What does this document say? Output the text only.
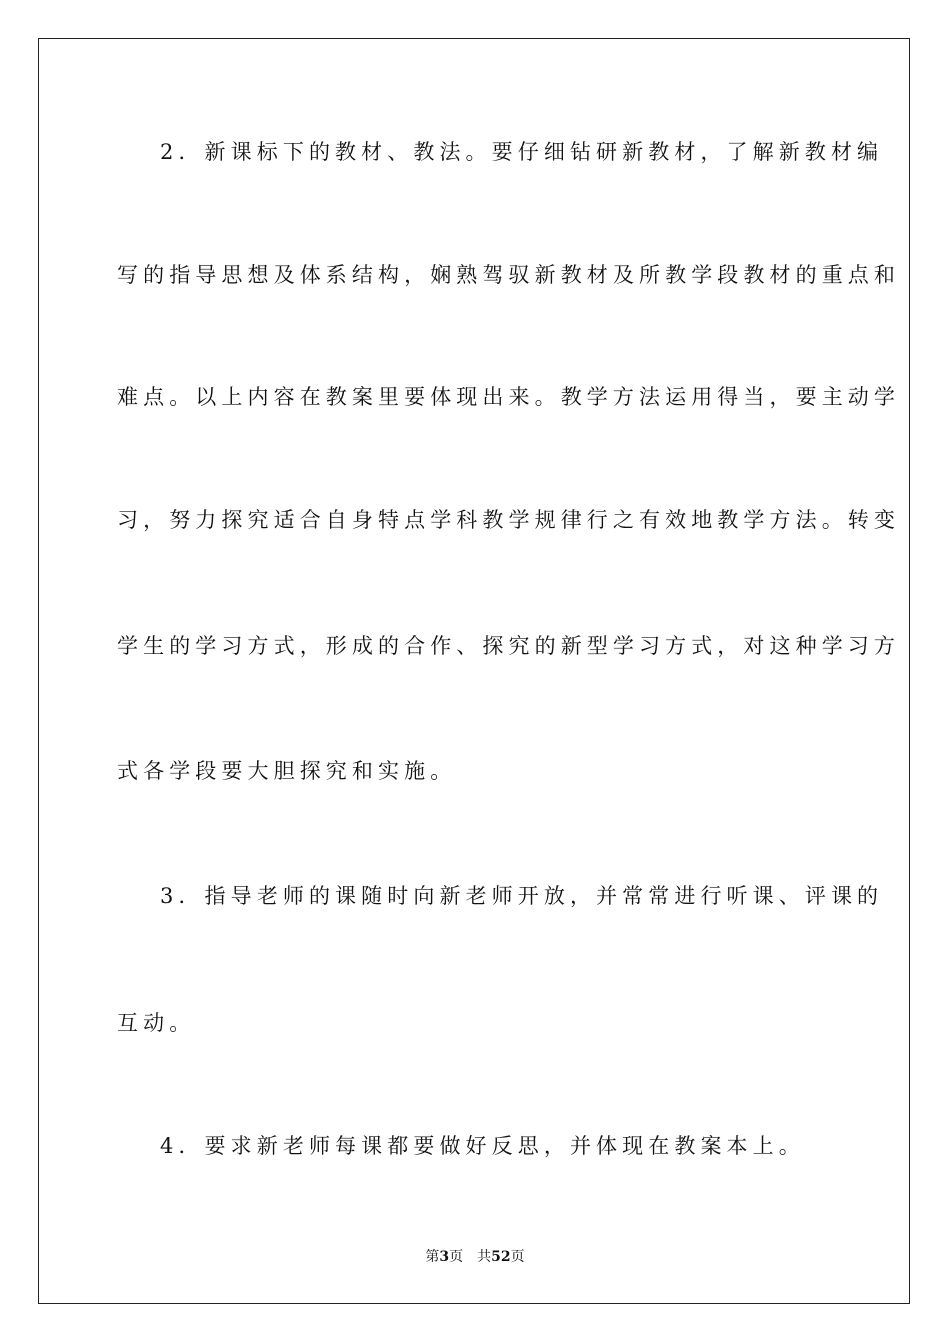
2．新课标下的教材、教法。要仔细钻研新教材，了解新教材编
写的指导思想及体系结构，娴熟驾驭新教材及所教学段教材的重点和
难点。以上内容在教案里要体现出来。教学方法运用得当，要主动学
习，努力探究适合自身特点学科教学规律行之有效地教学方法。转变
学生的学习方式，形成的合作、探究的新型学习方式，对这种学习方
式各学段要大胆探究和实施。
3．指导老师的课随时向新老师开放，并常常进行听课、评课的
互动。
4．要求新老师每课都要做好反思，并体现在教案本上。
第3页 共52页
